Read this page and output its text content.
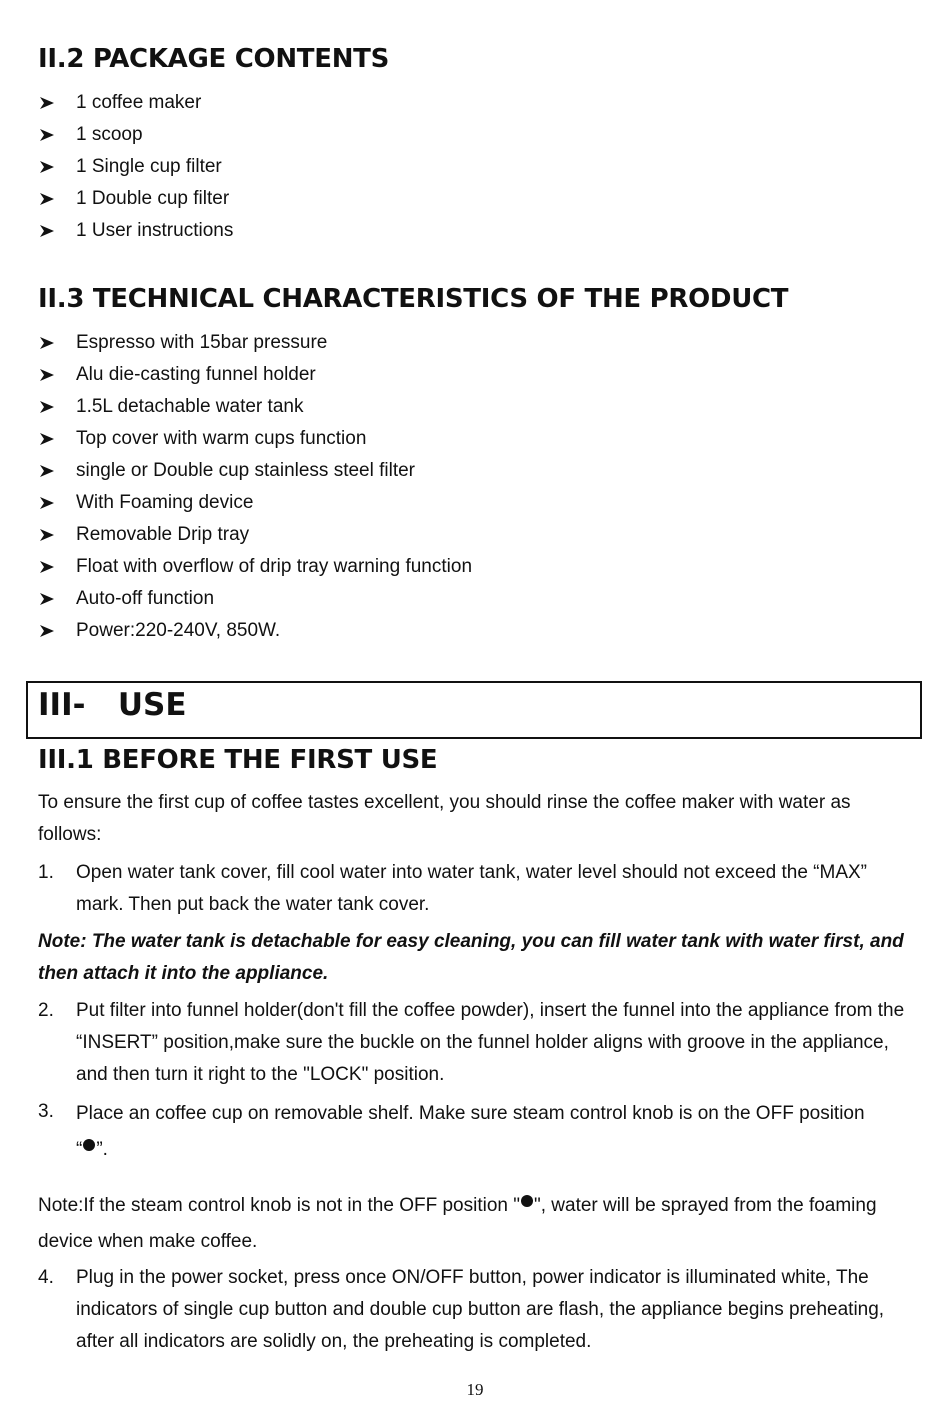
II.2 PACKAGE CONTENTS
1 coffee maker
1 scoop
1 Single cup filter
1 Double cup filter
1 User instructions
II.3 TECHNICAL CHARACTERISTICS OF THE PRODUCT
Espresso with 15bar pressure
Alu die-casting funnel holder
1.5L detachable water tank
Top cover with warm cups function
single or Double cup stainless steel filter
With Foaming device
Removable Drip tray
Float with overflow of drip tray warning function
Auto-off function
Power:220-240V, 850W.
III-   USE
III.1 BEFORE THE FIRST USE

To ensure the first cup of coffee tastes excellent, you should rinse the coffee maker with water as follows:

1. Open water tank cover, fill cool water into water tank, water level should not exceed the “MAX” mark. Then put back the water tank cover.

Note: The water tank is detachable for easy cleaning, you can fill water tank with water first, and then attach it into the appliance.

2. Put filter into funnel holder(don't fill the coffee powder), insert the funnel into the appliance from the “INSERT” position,make sure the buckle on the funnel holder aligns with groove in the appliance, and then turn it right to the "LOCK" position.
3. Place an coffee cup on removable shelf. Make sure steam control knob is on the OFF position
“ ”.

Note:If the steam control knob is not in the OFF position " ", water will be sprayed from the foaming device when make coffee.

4. Plug in the power socket, press once ON/OFF button, power indicator is illuminated white, The indicators of single cup button and double cup button are flash, the appliance begins preheating, after all indicators are solidly on, the preheating is completed.
19
